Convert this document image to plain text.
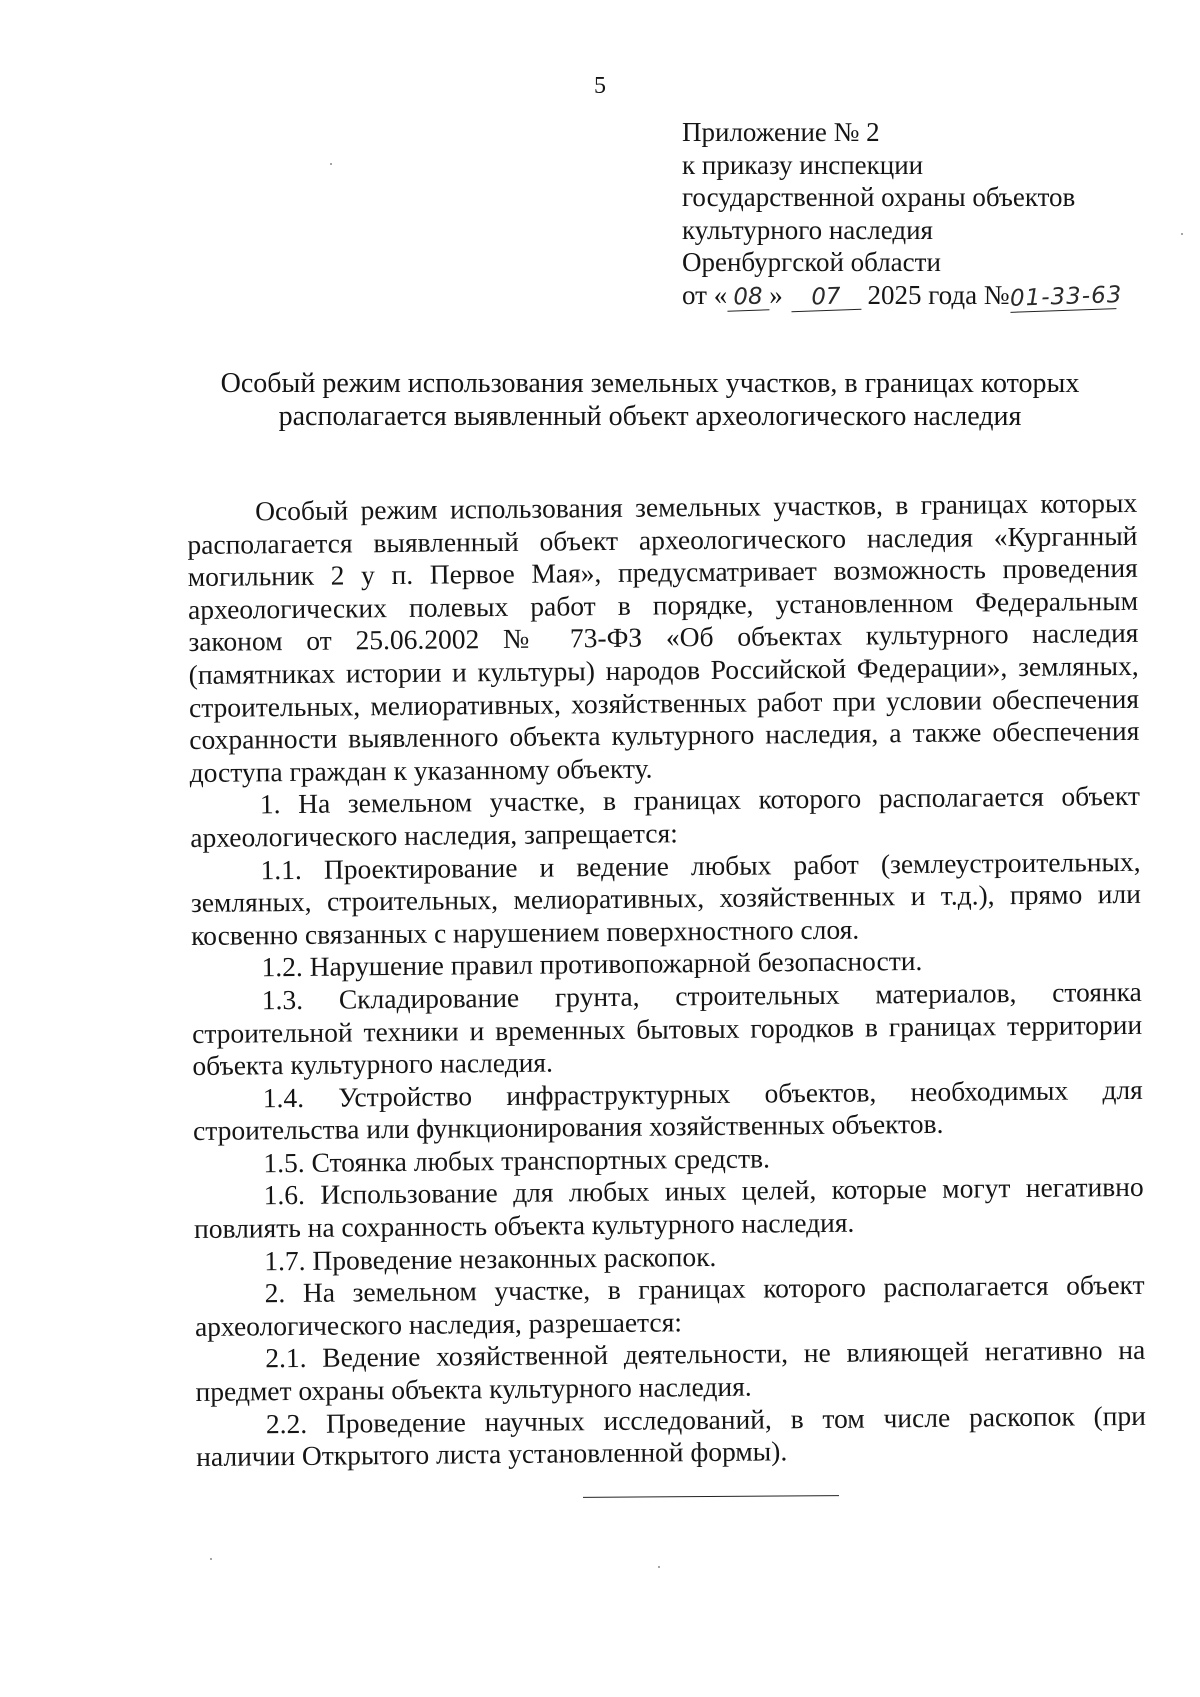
5
Приложение № 2
к приказу инспекции
государственной охраны объектов
культурного наследия
Оренбургской области
от « 08 » 07 2025 года №01-33-63
Особый режим использования земельных участков, в границах которых
располагается выявленный объект археологического наследия

Особый режим использования земельных участков, в границах которых располагается выявленный объект археологического наследия «Курганный могильник 2 у п. Первое Мая», предусматривает возможность проведения археологических полевых работ в порядке, установленном Федеральным законом от 25.06.2002 № 73-ФЗ «Об объектах культурного наследия (памятниках истории и культуры) народов Российской Федерации», земляных, строительных, мелиоративных, хозяйственных работ при условии обеспечения сохранности выявленного объекта культурного наследия, а также обеспечения доступа граждан к указанному объекту.

1. На земельном участке, в границах которого располагается объект археологического наследия, запрещается:

1.1. Проектирование и ведение любых работ (землеустроительных, земляных, строительных, мелиоративных, хозяйственных и т.д.), прямо или косвенно связанных с нарушением поверхностного слоя.

1.2. Нарушение правил противопожарной безопасности.

1.3. Складирование грунта, строительных материалов, стоянка строительной техники и временных бытовых городков в границах территории объекта культурного наследия.

1.4. Устройство инфраструктурных объектов, необходимых для строительства или функционирования хозяйственных объектов.

1.5. Стоянка любых транспортных средств.

1.6. Использование для любых иных целей, которые могут негативно повлиять на сохранность объекта культурного наследия.

1.7. Проведение незаконных раскопок.

2. На земельном участке, в границах которого располагается объект археологического наследия, разрешается:

2.1. Ведение хозяйственной деятельности, не влияющей негативно на предмет охраны объекта культурного наследия.

2.2. Проведение научных исследований, в том числе раскопок (при наличии Открытого листа установленной формы).
